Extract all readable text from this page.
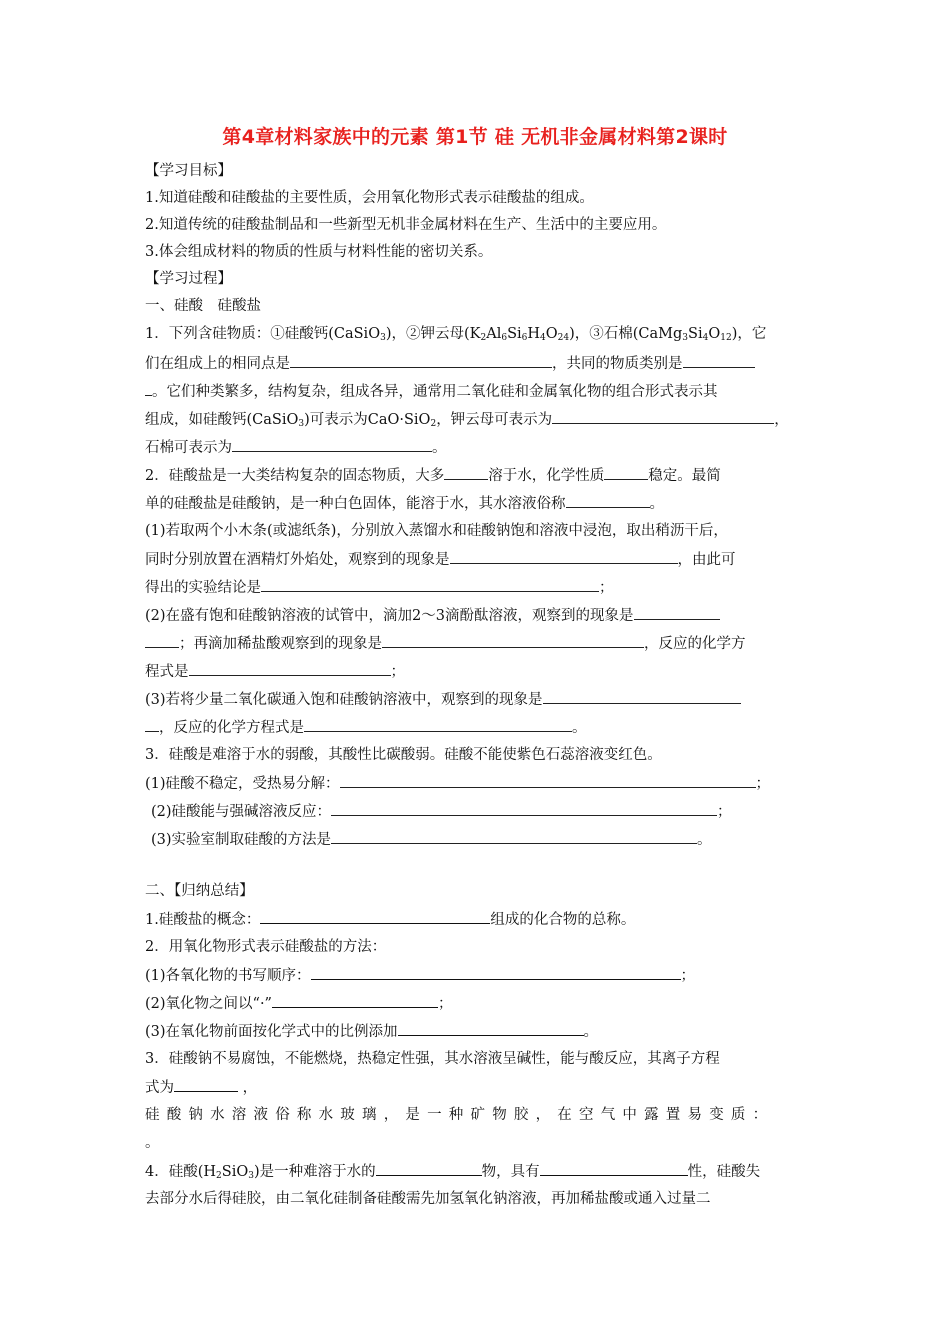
第4章材料家族中的元素 第1节 硅 无机非金属材料第2课时
【学习目标】
1.知道硅酸和硅酸盐的主要性质，会用氧化物形式表示硅酸盐的组成。
2.知道传统的硅酸盐制品和一些新型无机非金属材料在生产、生活中的主要应用。
3.体会组成材料的物质的性质与材料性能的密切关系。
【学习过程】
一、硅酸　硅酸盐
1．下列含硅物质：①硅酸钙(CaSiO$_3$)，②钾云母$(K_2Al_6Si_6H_4O_{24})$，③石棉$(CaMg_3Si_4O_{12})$，它
们在组成上的相同点是	，共同的物质类别是
。它们种类繁多，结构复杂，组成各异，通常用二氧化硅和金属氧化物的组合形式表示其
组成，如硅酸钙(CaSiO$_3$)可表示为CaO·SiO$_2$，钾云母可表示为	，
石棉可表示为	。
2．硅酸盐是一大类结构复杂的固态物质，大多	溶于水，化学性质	稳定。最简
单的硅酸盐是硅酸钠，是一种白色固体，能溶于水，其水溶液俗称	。
(1)若取两个小木条(或滤纸条)，分别放入蒸馏水和硅酸钠饱和溶液中浸泡，取出稍沥干后，
同时分别放置在酒精灯外焰处，观察到的现象是	，由此可
得出的实验结论是	；
(2)在盛有饱和硅酸钠溶液的试管中，滴加2～3滴酚酞溶液，观察到的现象是
；再滴加稀盐酸观察到的现象是	，反应的化学方
程式是	；
(3)若将少量二氧化碳通入饱和硅酸钠溶液中，观察到的现象是
，反应的化学方程式是	。
3．硅酸是难溶于水的弱酸，其酸性比碳酸弱。硅酸不能使紫色石蕊溶液变红色。
(1)硅酸不稳定，受热易分解：	；
(2)硅酸能与强碱溶液反应：	；
(3)实验室制取硅酸的方法是	。
二、【归纳总结】
1.硅酸盐的概念：	组成的化合物的总称。
2．用氧化物形式表示硅酸盐的方法：
(1)各氧化物的书写顺序：	；
(2)氧化物之间以“·”	；
(3)在氧化物前面按化学式中的比例添加	。
3．硅酸钠不易腐蚀，不能燃烧，热稳定性强，其水溶液呈碱性，能与酸反应，其离子方程
式为	，
硅酸钠水溶液俗称水玻璃，是一种矿物胶，在空气中露置易变质：
。
4．硅酸$(H_2SiO_3)$是一种难溶于水的	物，具有	性，硅酸失
去部分水后得硅胶，由二氧化硅制备硅酸需先加氢氧化钠溶液，再加稀盐酸或通入过量二
